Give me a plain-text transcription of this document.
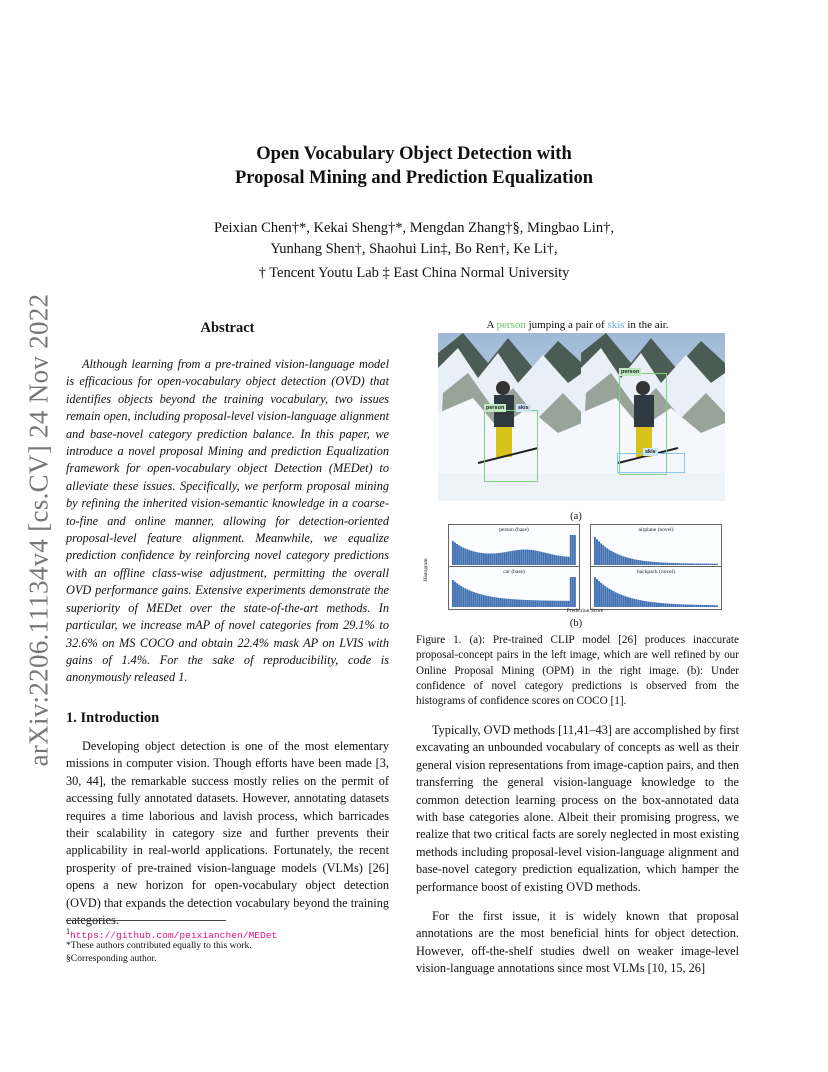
arXiv:2206.11134v4 [cs.CV] 24 Nov 2022
Open Vocabulary Object Detection with
Proposal Mining and Prediction Equalization
Peixian Chen†*, Kekai Sheng†*, Mengdan Zhang†§, Mingbao Lin†,
Yunhang Shen†, Shaohui Lin‡, Bo Ren†, Ke Li†,
† Tencent Youtu Lab ‡ East China Normal University
Abstract
Although learning from a pre-trained vision-language model is efficacious for open-vocabulary object detection (OVD) that identifies objects beyond the training vocabulary, two issues remain open, including proposal-level vision-language alignment and base-novel category prediction balance. In this paper, we introduce a novel proposal Mining and prediction Equalization framework for open-vocabulary object Detection (MEDet) to alleviate these issues. Specifically, we perform proposal mining by refining the inherited vision-semantic knowledge in a coarse-to-fine and online manner, allowing for detection-oriented proposal-level feature alignment. Meanwhile, we equalize prediction confidence by reinforcing novel category predictions with an offline class-wise adjustment, permitting the overall OVD performance gains. Extensive experiments demonstrate the superiority of MEDet over the state-of-the-art methods. In particular, we increase mAP of novel categories from 29.1% to 32.6% on MS COCO and obtain 22.4% mask AP on LVIS with gains of 1.4%. For the sake of reproducibility, code is anonymously released 1.
1. Introduction
Developing object detection is one of the most elementary missions in computer vision. Though efforts have been made [3, 30, 44], the remarkable success mostly relies on the permit of accessing fully annotated datasets. However, annotating datasets requires a time laborious and lavish process, which barricades their scalability in category size and further prevents their applicability in real-world applications. Fortunately, the recent prosperity of pre-trained vision-language models (VLMs) [26] opens a new horizon for open-vocabulary object detection (OVD) that expands the detection vocabulary beyond the training categories.
$^1$https://github.com/peixianchen/MEDet
*These authors contributed equally to this work.
§Corresponding author.
A person jumping a pair of skis in the air.
person	skis
person
skis
(a)
Histogram
person (base)	airplane (novel)
car (base)	backpack (novel)
Prediction Score
(b)
Figure 1. (a): Pre-trained CLIP model [26] produces inaccurate proposal-concept pairs in the left image, which are well refined by our Online Proposal Mining (OPM) in the right image. (b): Under confidence of novel category predictions is observed from the histograms of confidence scores on COCO [1].
Typically, OVD methods [11,41–43] are accomplished by first excavating an unbounded vocabulary of concepts as well as their general vision representations from image-caption pairs, and then transferring the general vision-language knowledge to the common detection learning process on the box-annotated data with base categories alone. Albeit their promising progress, we realize that two critical facts are sorely neglected in most existing methods including proposal-level vision-language alignment and base-novel category prediction equalization, which hamper the performance boost of existing OVD methods.
For the first issue, it is widely known that proposal annotations are the most beneficial hints for object detection. However, off-the-shelf studies dwell on weaker image-level vision-language annotations since most VLMs [10, 15, 26]
